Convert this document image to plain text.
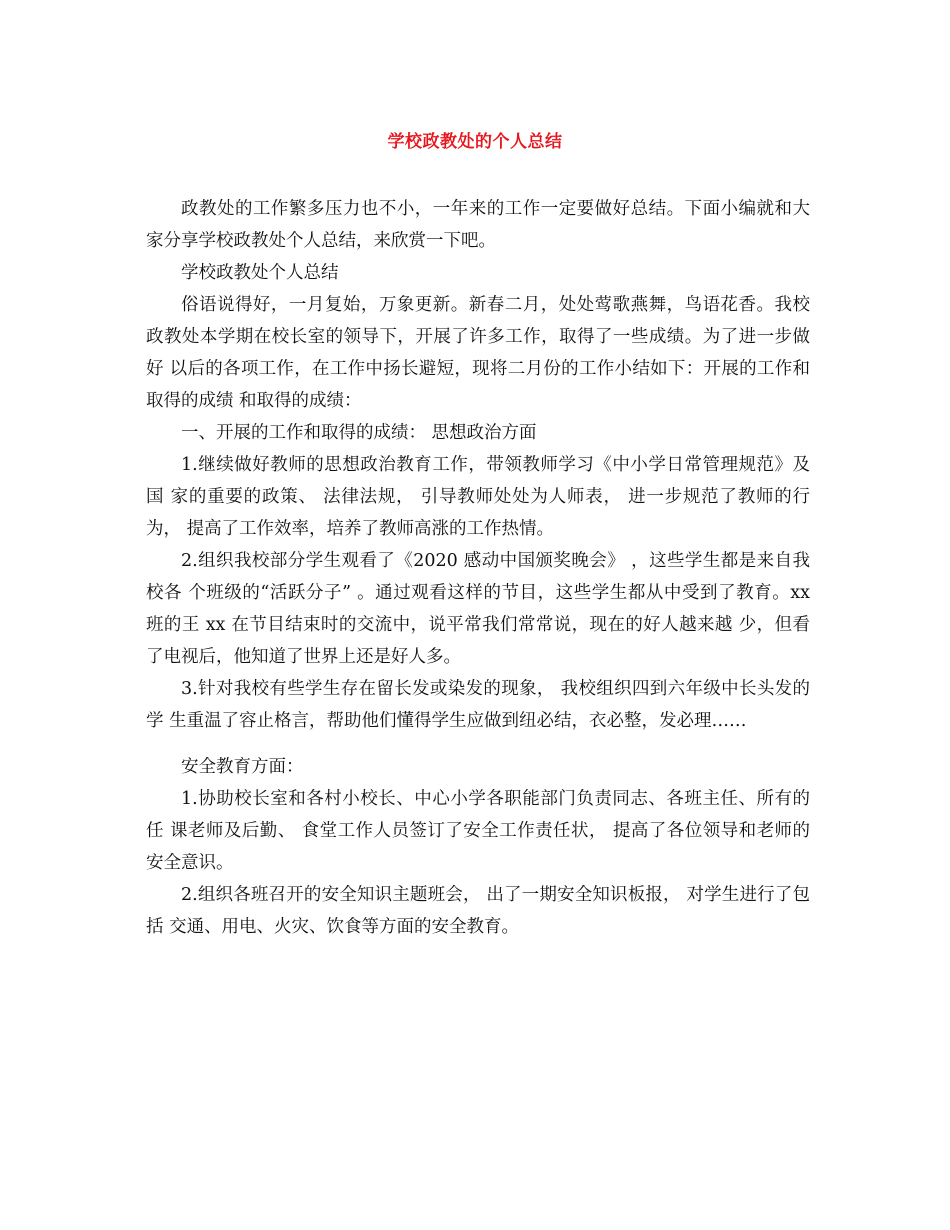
学校政教处的个人总结

政教处的工作繁多压力也不小，一年来的工作一定要做好总结。下面小编就和大家分享学校政教处个人总结，来欣赏一下吧。

学校政教处个人总结

俗语说得好，一月复始，万象更新。新春二月，处处莺歌燕舞，鸟语花香。我校 政教处本学期在校长室的领导下，开展了许多工作，取得了一些成绩。为了进一步做好 以后的各项工作，在工作中扬长避短，现将二月份的工作小结如下：开展的工作和取得的成绩 和取得的成绩：

一、开展的工作和取得的成绩： 思想政治方面

1.继续做好教师的思想政治教育工作，带领教师学习《中小学日常管理规范》及国 家的重要的政策、 法律法规， 引导教师处处为人师表， 进一步规范了教师的行为， 提高了工作效率，培养了教师高涨的工作热情。

2.组织我校部分学生观看了《2020 感动中国颁奖晚会》 ，这些学生都是来自我校各 个班级的“活跃分子” 。通过观看这样的节目，这些学生都从中受到了教育。xx 班的王 xx 在节目结束时的交流中，说平常我们常常说，现在的好人越来越 少，但看了电视后，他知道了世界上还是好人多。

3.针对我校有些学生存在留长发或染发的现象， 我校组织四到六年级中长头发的学 生重温了容止格言，帮助他们懂得学生应做到纽必结，衣必整，发必理……

安全教育方面：

1.协助校长室和各村小校长、中心小学各职能部门负责同志、各班主任、所有的任 课老师及后勤、 食堂工作人员签订了安全工作责任状， 提高了各位领导和老师的 安全意识。

2.组织各班召开的安全知识主题班会， 出了一期安全知识板报， 对学生进行了包括 交通、用电、火灾、饮食等方面的安全教育。
